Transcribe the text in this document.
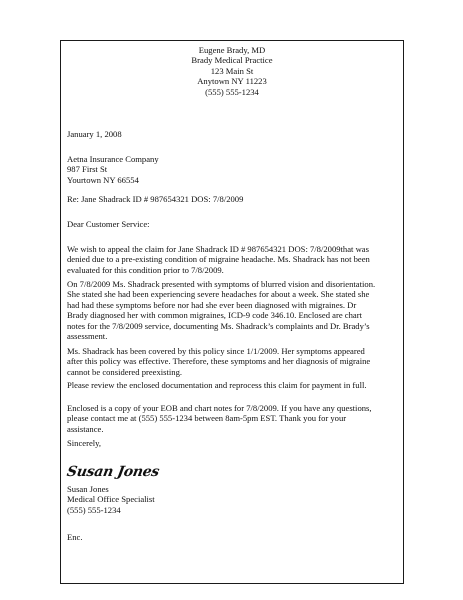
Eugene Brady, MD
Brady Medical Practice
123 Main St
Anytown NY 11223
(555) 555-1234
January 1, 2008
Aetna Insurance Company
987 First St
Yourtown NY 66554
Re: Jane Shadrack ID # 987654321 DOS: 7/8/2009
Dear Customer Service:
We wish to appeal the claim for Jane Shadrack ID # 987654321 DOS: 7/8/2009that was
denied due to a pre-existing condition of migraine headache. Ms. Shadrack has not been
evaluated for this condition prior to 7/8/2009.
On 7/8/2009 Ms. Shadrack presented with symptoms of blurred vision and disorientation.
She stated she had been experiencing severe headaches for about a week. She stated she
had had these symptoms before nor had she ever been diagnosed with migraines. Dr
Brady diagnosed her with common migraines, ICD-9 code 346.10. Enclosed are chart
notes for the 7/8/2009 service, documenting Ms. Shadrack’s complaints and Dr. Brady’s
assessment.
Ms. Shadrack has been covered by this policy since 1/1/2009. Her symptoms appeared
after this policy was effective. Therefore, these symptoms and her diagnosis of migraine
cannot be considered preexisting.
Please review the enclosed documentation and reprocess this claim for payment in full.
Enclosed is a copy of your EOB and chart notes for 7/8/2009. If you have any questions,
please contact me at (555) 555-1234 between 8am-5pm EST. Thank you for your
assistance.
Sincerely,
Susan Jones
Susan Jones
Medical Office Specialist
(555) 555-1234
Enc.
